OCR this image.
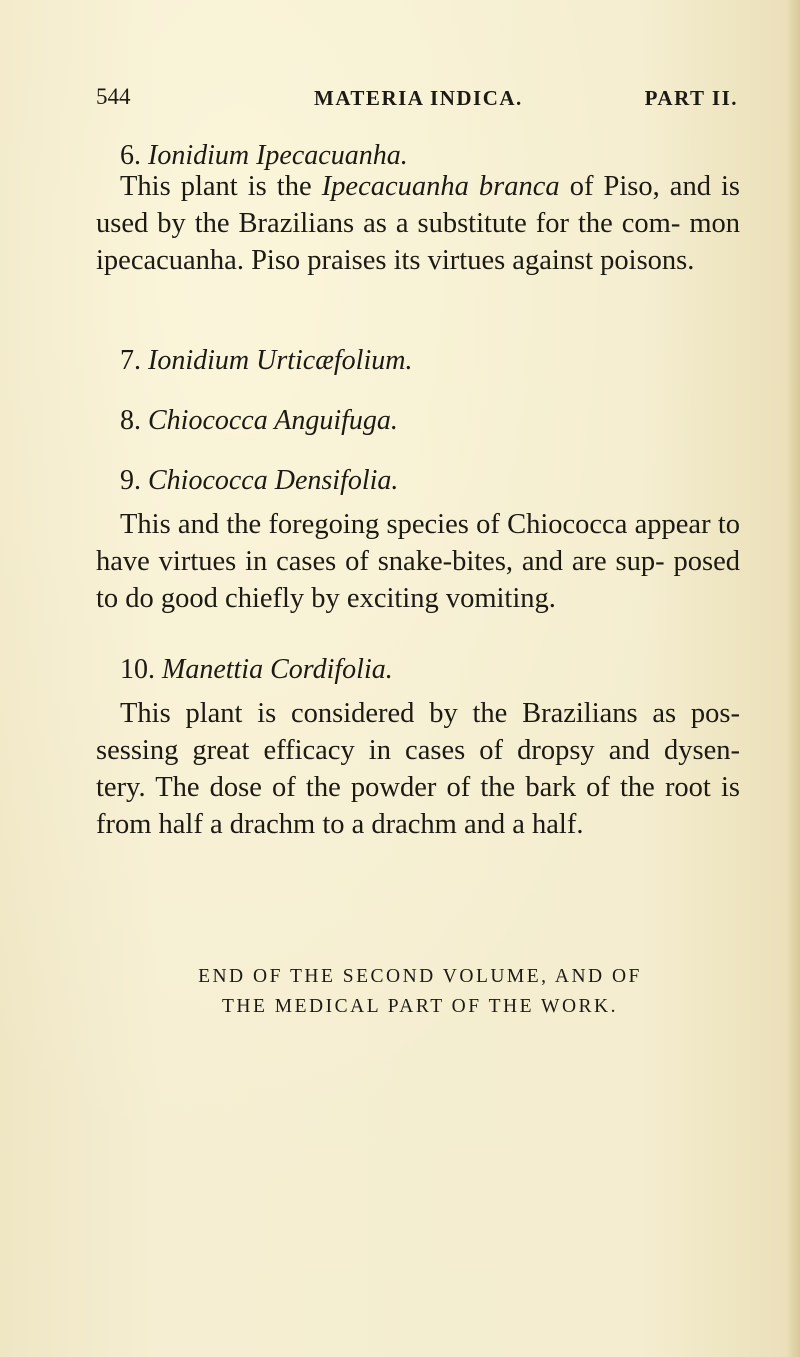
544	MATERIA INDICA.	PART II.
6. Ionidium Ipecacuanha.

This plant is the Ipecacuanha branca of Piso, and is used by the Brazilians as a substitute for the com- mon ipecacuanha. Piso praises its virtues against poisons.

7. Ionidium Urticæfolium.
8. Chiococca Anguifuga.
9. Chiococca Densifolia.

This and the foregoing species of Chiococca appear to have virtues in cases of snake-bites, and are sup- posed to do good chiefly by exciting vomiting.

10. Manettia Cordifolia.

This plant is considered by the Brazilians as pos- sessing great efficacy in cases of dropsy and dysen- tery. The dose of the powder of the bark of the root is from half a drachm to a drachm and a half.

END OF THE SECOND VOLUME, AND OF
THE MEDICAL PART OF THE WORK.
